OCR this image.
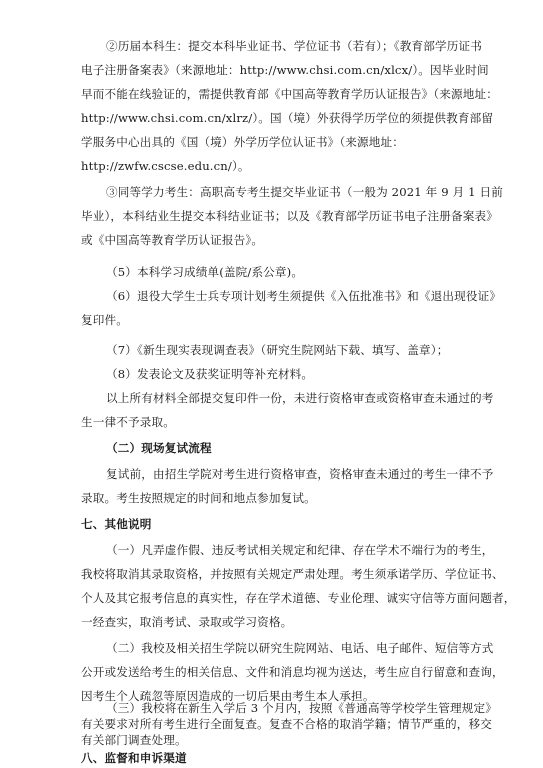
②历届本科生：提交本科毕业证书、学位证书（若有）；《教育部学历证书
电子注册备案表》（来源地址：http://www.chsi.com.cn/xlcx/）。因毕业时间
早而不能在线验证的，需提供教育部《中国高等教育学历认证报告》（来源地址：
http://www.chsi.com.cn/xlrz/）。国（境）外获得学历学位的须提供教育部留
学服务中心出具的《国（境）外学历学位认证书》（来源地址：
http://zwfw.cscse.edu.cn/）。
③同等学力考生：高职高专考生提交毕业证书（一般为 2021 年 9 月 1 日前
毕业），本科结业生提交本科结业证书；以及《教育部学历证书电子注册备案表》
或《中国高等教育学历认证报告》。
（5）本科学习成绩单(盖院/系公章)。
（6）退役大学生士兵专项计划考生须提供《入伍批准书》和《退出现役证》
复印件。
（7）《新生现实表现调查表》（研究生院网站下载、填写、盖章）；
（8）发表论文及获奖证明等补充材料。
以上所有材料全部提交复印件一份，未进行资格审查或资格审查未通过的考
生一律不予录取。
（二）现场复试流程
复试前，由招生学院对考生进行资格审查，资格审查未通过的考生一律不予
录取。考生按照规定的时间和地点参加复试。
七、其他说明
（一）凡弄虚作假、违反考试相关规定和纪律、存在学术不端行为的考生，
我校将取消其录取资格，并按照有关规定严肃处理。考生须承诺学历、学位证书、
个人及其它报考信息的真实性，存在学术道德、专业伦理、诚实守信等方面问题者，
一经查实，取消考试、录取或学习资格。
（二）我校及相关招生学院以研究生院网站、电话、电子邮件、短信等方式
公开或发送给考生的相关信息、文件和消息均视为送达，考生应自行留意和查询，
因考生个人疏忽等原因造成的一切后果由考生本人承担。
（三）我校将在新生入学后 3 个月内，按照《普通高等学校学生管理规定》
有关要求对所有考生进行全面复查。复查不合格的取消学籍；情节严重的，移交
有关部门调查处理。
八、监督和申诉渠道
